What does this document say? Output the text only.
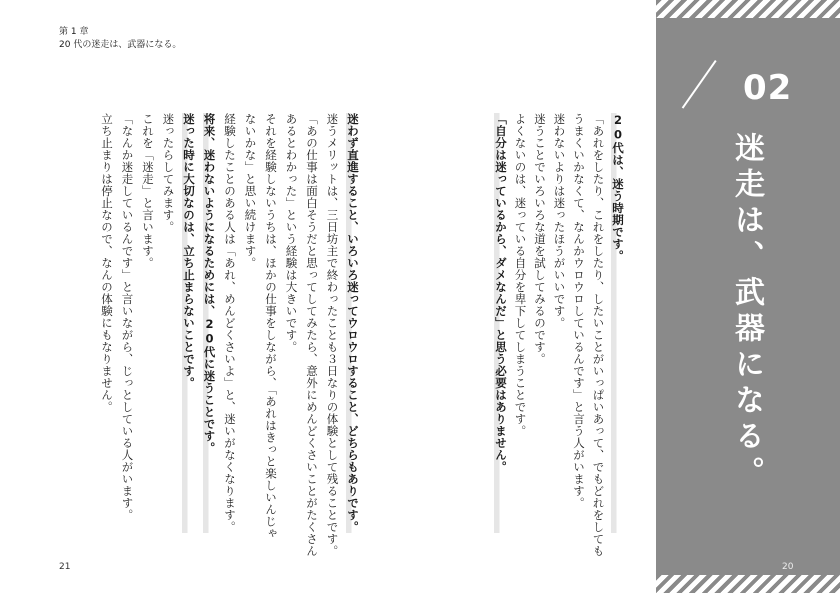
第 1 章
20 代の迷走は、武器になる。
20代は、迷う時期です。
「あれをしたり、これをしたり、したいことがいっぱいあって、でもどれをしても
うまくいかなくて、なんかウロウロしているんです」と言う人がいます。
迷わないよりは迷ったほうがいいです。
迷うことでいろいろな道を試してみるのです。
よくないのは、迷っている自分を卑下してしまうことです。
「自分は迷っているから、ダメなんだ」と思う必要はありません。
迷わず直進すること、いろいろ迷ってウロウロすること、どちらもありです。
迷うメリットは、三日坊主で終わったことも３日なりの体験として残ることです。
「あの仕事は面白そうだと思ってしてみたら、意外にめんどくさいことがたくさん
あるとわかった」という経験は大きいです。
それを経験しないうちは、ほかの仕事をしながら、「あれはきっと楽しいんじゃ
ないかな」と思い続けます。
経験したことのある人は「あれ、めんどくさいよ」と、迷いがなくなります。
将来、迷わないようになるためには、20代に迷うことです。
迷った時に大切なのは、立ち止まらないことです。
迷ったらしてみます。
これを「迷走」と言います。
「なんか迷走しているんです」と言いながら、じっとしている人がいます。
立ち止まりは停止なので、なんの体験にもなりません。
02
迷走は、武器になる。
21	20
